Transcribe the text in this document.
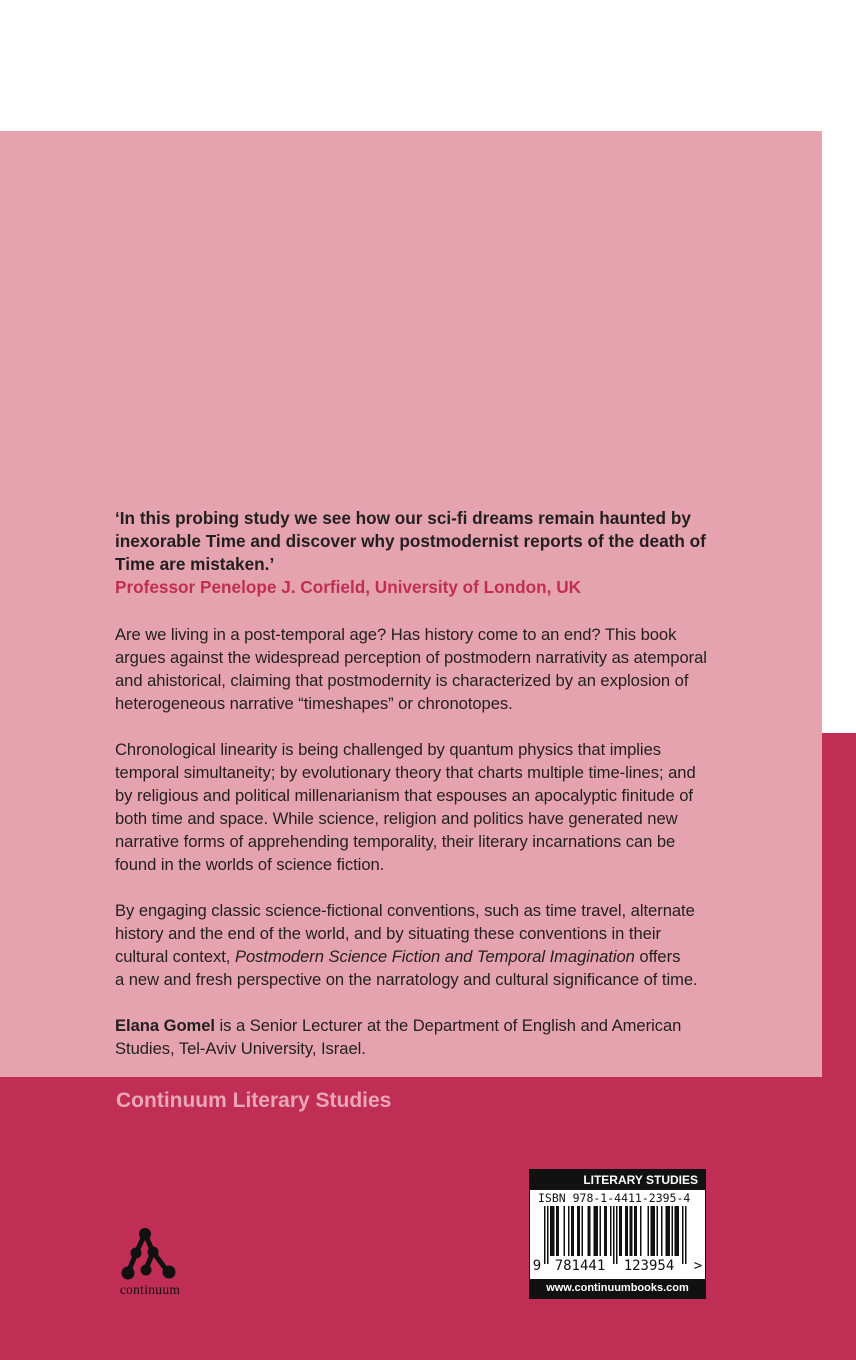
‘In this probing study we see how our sci-fi dreams remain haunted by
inexorable Time and discover why postmodernist reports of the death of
Time are mistaken.’

Professor Penelope J. Corfield, University of London, UK

Are we living in a post-temporal age? Has history come to an end? This book
argues against the widespread perception of postmodern narrativity as atemporal
and ahistorical, claiming that postmodernity is characterized by an explosion of
heterogeneous narrative “timeshapes” or chronotopes.

Chronological linearity is being challenged by quantum physics that implies
temporal simultaneity; by evolutionary theory that charts multiple time-lines; and
by religious and political millenarianism that espouses an apocalyptic finitude of
both time and space. While science, religion and politics have generated new
narrative forms of apprehending temporality, their literary incarnations can be
found in the worlds of science fiction.

By engaging classic science-fictional conventions, such as time travel, alternate
history and the end of the world, and by situating these conventions in their
cultural context, Postmodern Science Fiction and Temporal Imagination offers
a new and fresh perspective on the narratology and cultural significance of time.

Elana Gomel is a Senior Lecturer at the Department of English and American
Studies, Tel-Aviv University, Israel.

Continuum Literary Studies
continuum
LITERARY STUDIES
ISBN 978-1-4411-2395-4
9 781441 123954 >
www.continuumbooks.com
